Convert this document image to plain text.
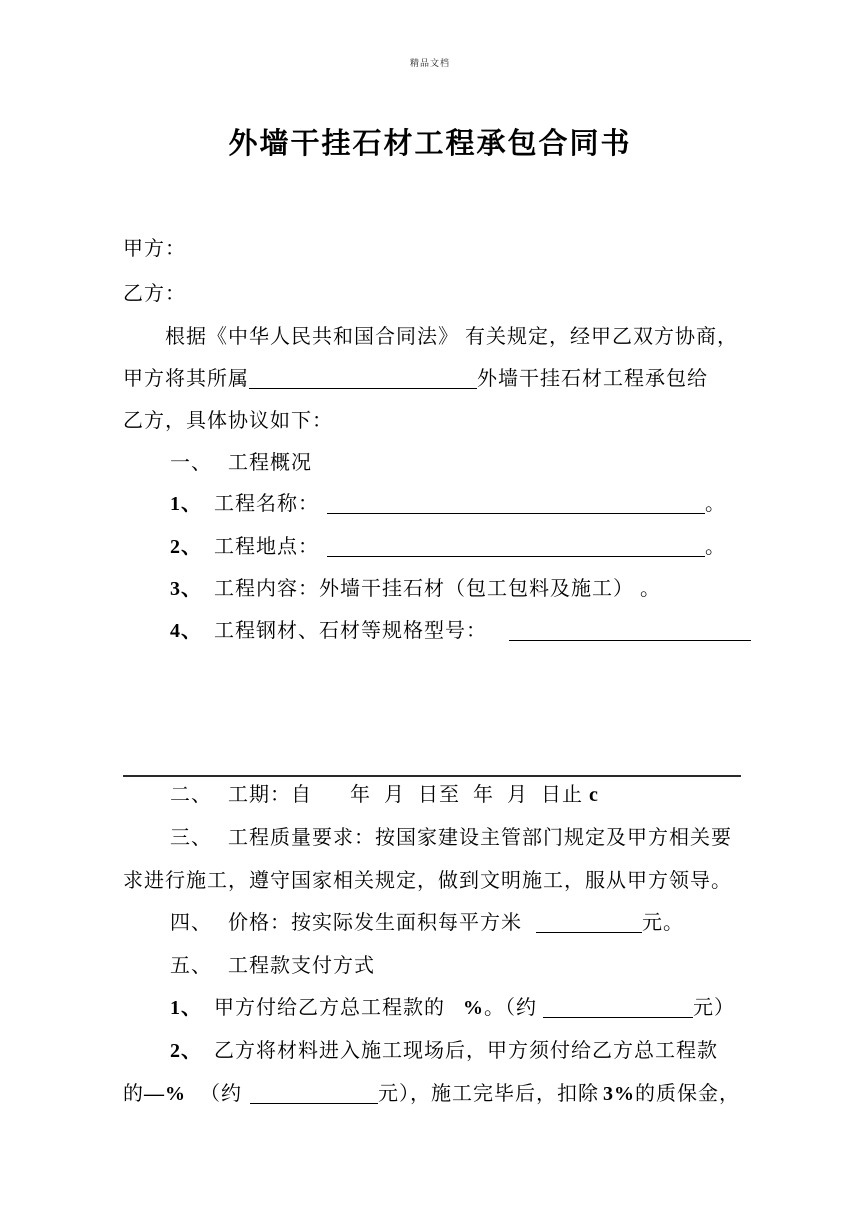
精品文档
外墙干挂石材工程承包合同书

甲方：

乙方：

根据《中华人民共和国合同法》 有关规定，经甲乙双方协商，

甲方将其所属	外墙干挂石材工程承包给

乙方，具体协议如下：

一、 工程概况

1、 工程名称：	。

2、 工程地点：	。

3、 工程内容：外墙干挂石材（包工包料及施工） 。

4、 工程钢材、石材等规格型号：

二、 工期：自 年 月 日至 年 月 日止 c

三、 工程质量要求：按国家建设主管部门规定及甲方相关要

求进行施工，遵守国家相关规定，做到文明施工，服从甲方领导。

四、 价格：按实际发生面积每平方米	元。

五、 工程款支付方式

1、 甲方付给乙方总工程款的 %。（约	元）

2、 乙方将材料进入施工现场后，甲方须付给乙方总工程款

的—% （约	元），施工完毕后，扣除 3%的质保金，
